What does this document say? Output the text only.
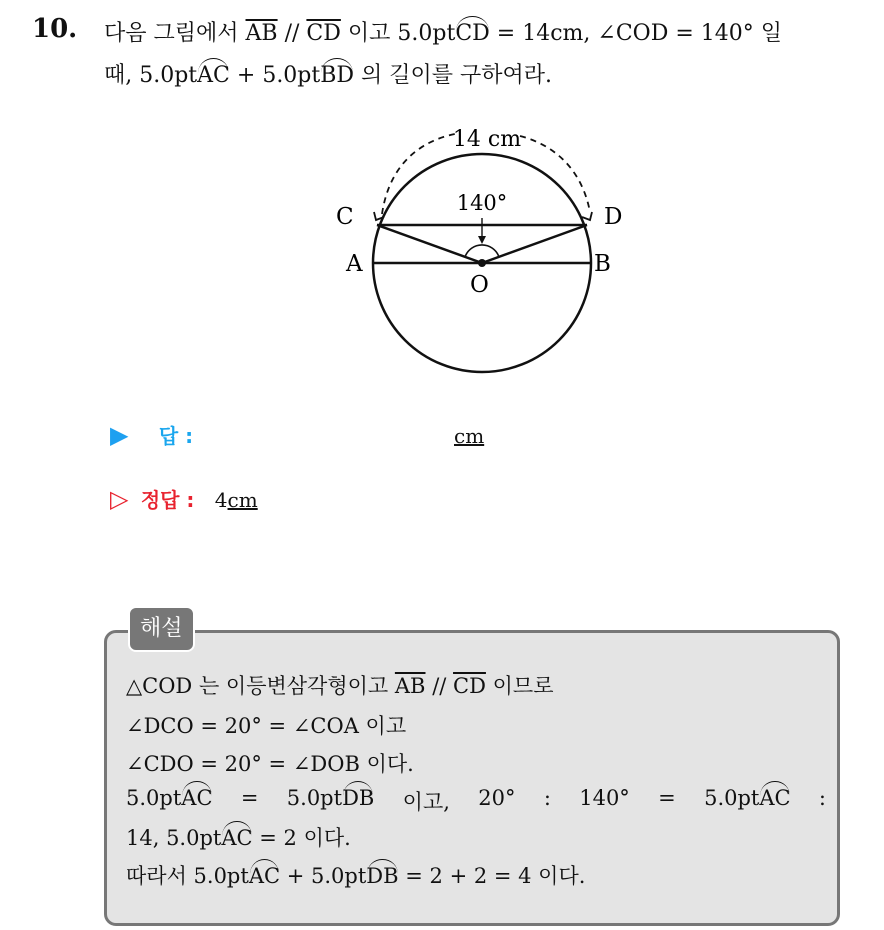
10. 다음 그림에서 $\overline{AB} // \overline{CD}$ 이고 5.0ptCD = 14cm, ∠COD = 140° 일
때, 5.0ptAC + 5.0ptBD 의 길이를 구하여라.
14 cm
140°
C	D
A	B
O
▶ 답 :	cm
▷ 정답 : 4cm
해설
△COD 는 이등변삼각형이고 $\overline{AB} // \overline{CD}$ 이므로
∠DCO = 20° = ∠COA 이고
∠CDO = 20° = ∠DOB 이다.
5.0ptAC = 5.0ptDB 이고, 20° : 140° = 5.0ptAC :
14, 5.0ptAC = 2 이다.
따라서 5.0ptAC + 5.0ptDB = 2 + 2 = 4 이다.
